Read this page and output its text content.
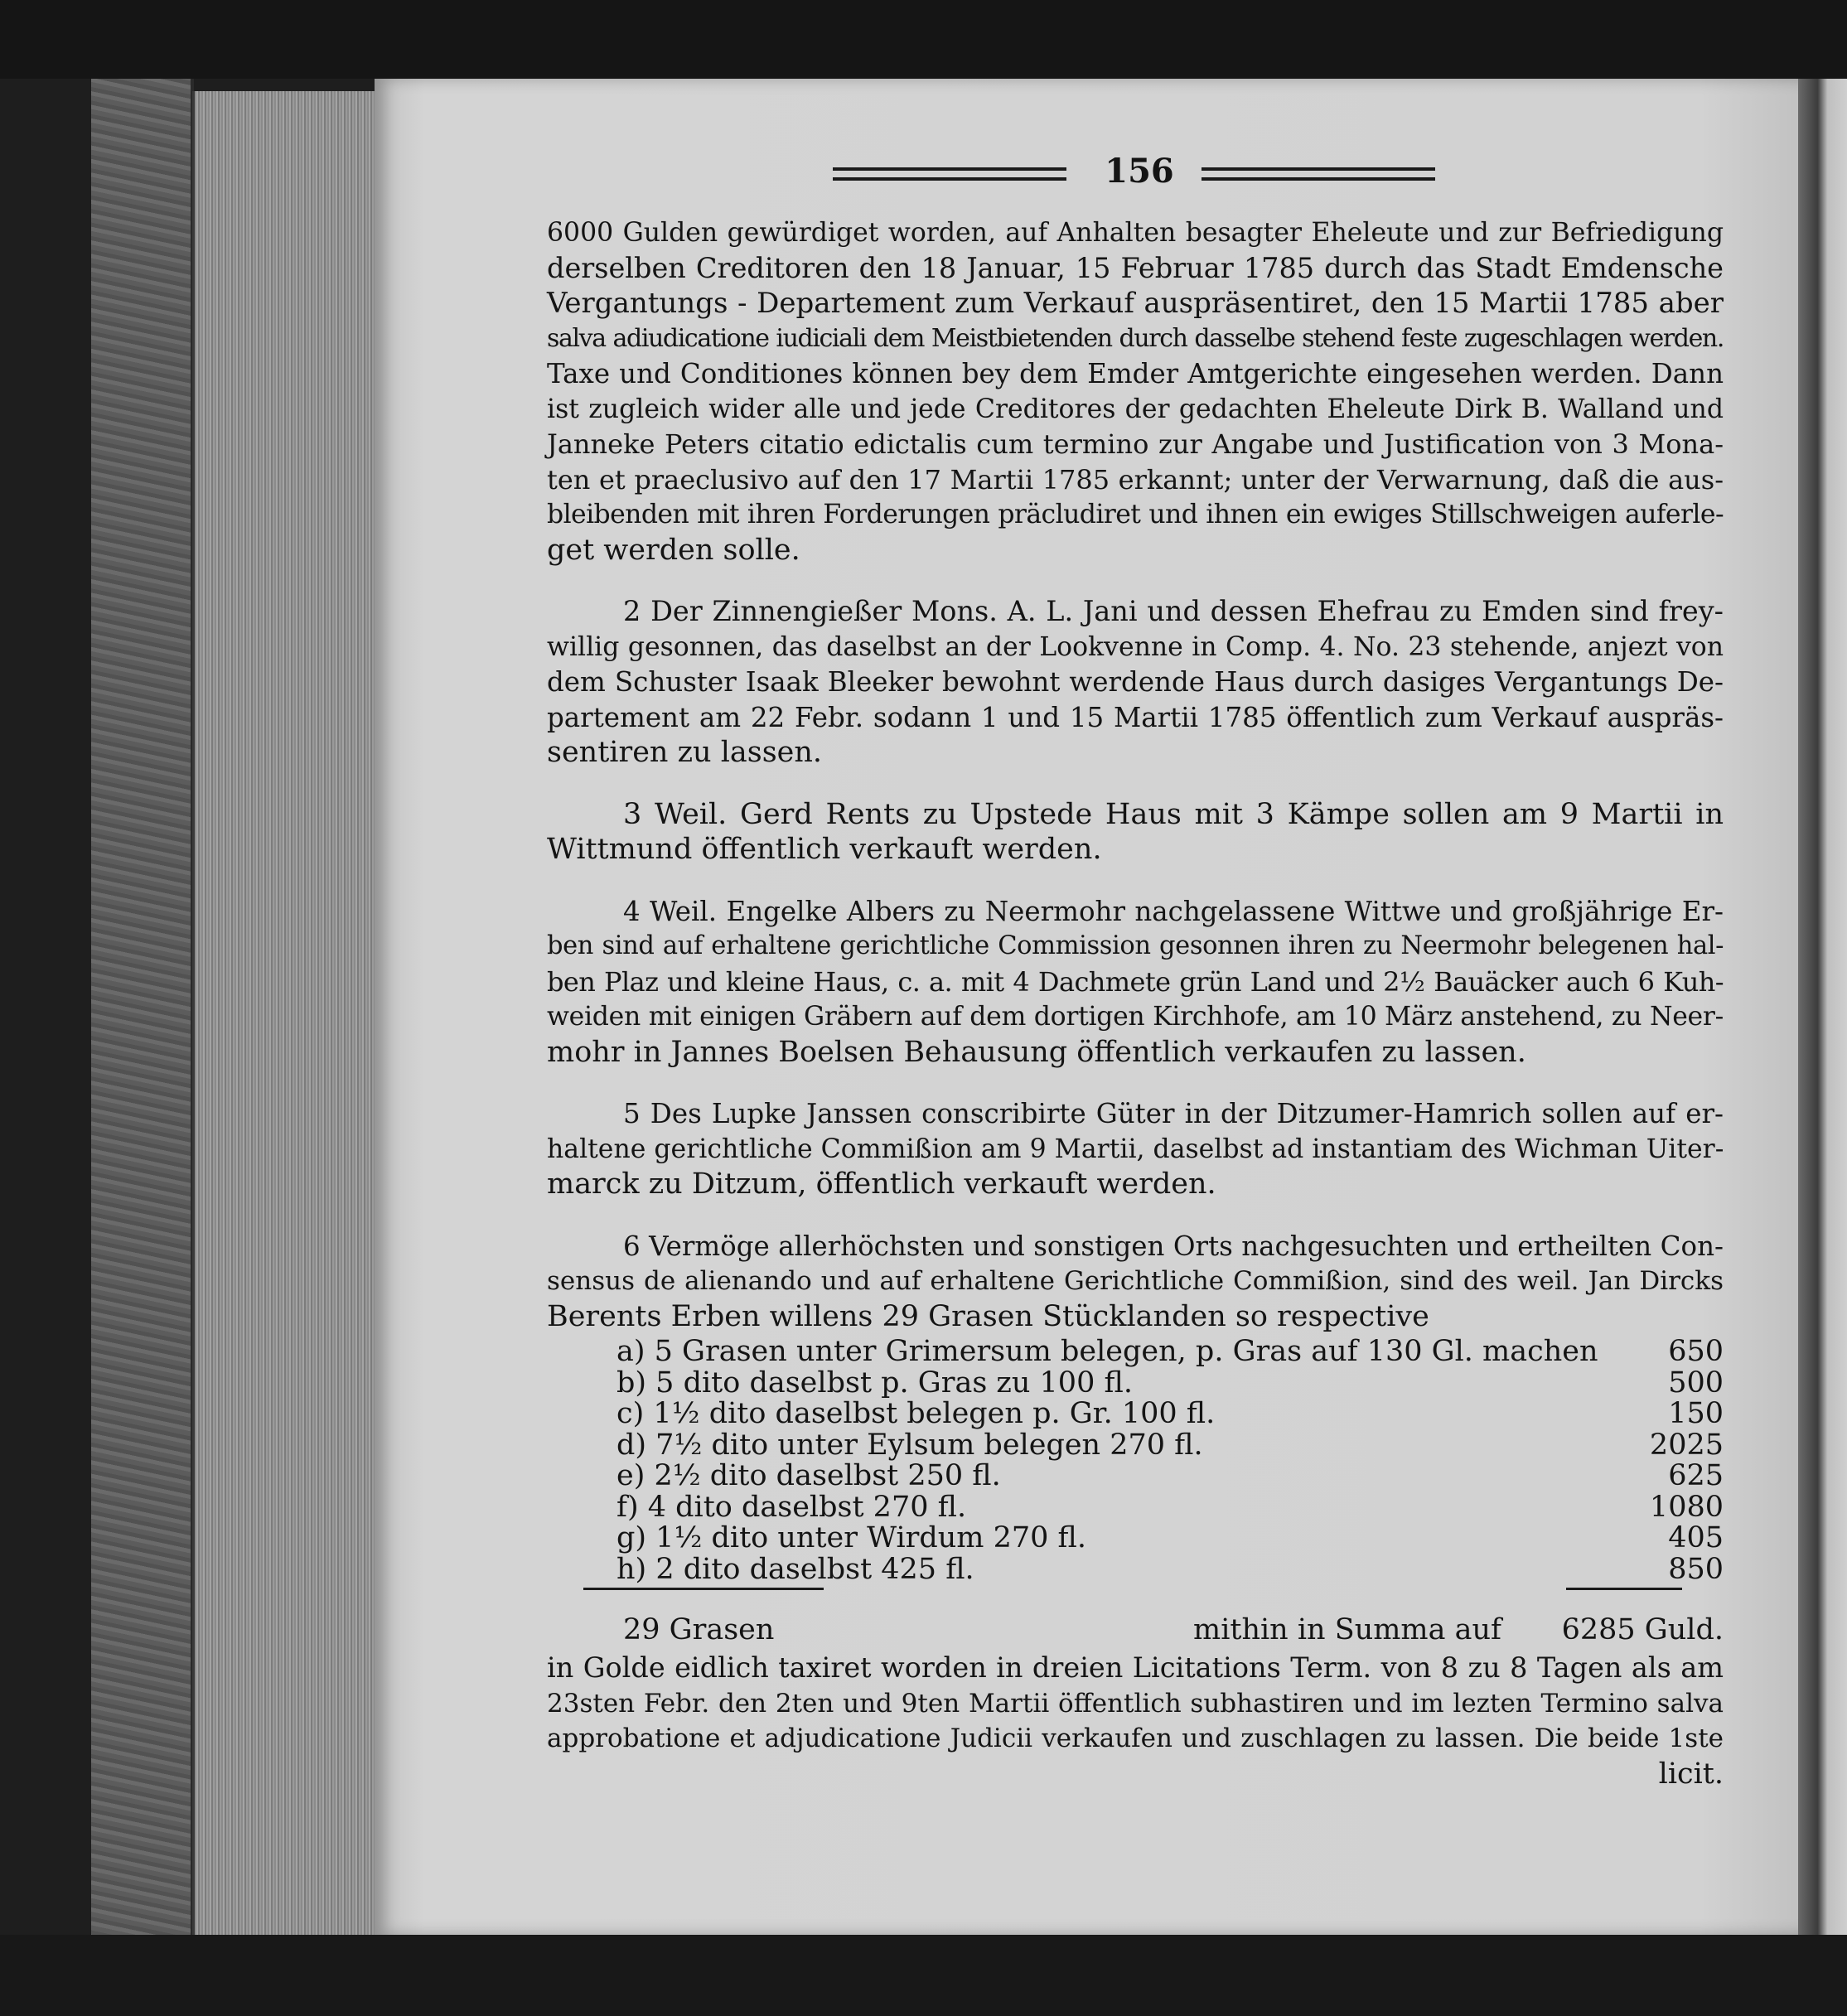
156
6000 Gulden gewürdiget worden, auf Anhalten besagter Eheleute und zur Befriedigung
derselben Creditoren den 18 Januar, 15 Februar 1785 durch das Stadt Emdensche
Vergantungs - Departement zum Verkauf auspräsentiret, den 15 Martii 1785 aber
salva adiudicatione iudiciali dem Meistbietenden durch dasselbe stehend feste zugeschlagen werden.
Taxe und Conditiones können bey dem Emder Amtgerichte eingesehen werden. Dann
ist zugleich wider alle und jede Creditores der gedachten Eheleute Dirk B. Walland und
Janneke Peters citatio edictalis cum termino zur Angabe und Justification von 3 Mona-
ten et praeclusivo auf den 17 Martii 1785 erkannt; unter der Verwarnung, daß die aus-
bleibenden mit ihren Forderungen präcludiret und ihnen ein ewiges Stillschweigen auferle-
get werden solle.
2 Der Zinnengießer Mons. A. L. Jani und dessen Ehefrau zu Emden sind frey-
willig gesonnen, das daselbst an der Lookvenne in Comp. 4. No. 23 stehende, anjezt von
dem Schuster Isaak Bleeker bewohnt werdende Haus durch dasiges Vergantungs De-
partement am 22 Febr. sodann 1 und 15 Martii 1785 öffentlich zum Verkauf auspräs-
sentiren zu lassen.
3 Weil. Gerd Rents zu Upstede Haus mit 3 Kämpe sollen am 9 Martii in
Wittmund öffentlich verkauft werden.
4 Weil. Engelke Albers zu Neermohr nachgelassene Wittwe und großjährige Er-
ben sind auf erhaltene gerichtliche Commission gesonnen ihren zu Neermohr belegenen hal-
ben Plaz und kleine Haus, c. a. mit 4 Dachmete grün Land und 2½ Bauäcker auch 6 Kuh-
weiden mit einigen Gräbern auf dem dortigen Kirchhofe, am 10 März anstehend, zu Neer-
mohr in Jannes Boelsen Behausung öffentlich verkaufen zu lassen.
5 Des Lupke Janssen conscribirte Güter in der Ditzumer-Hamrich sollen auf er-
haltene gerichtliche Commißion am 9 Martii, daselbst ad instantiam des Wichman Uiter-
marck zu Ditzum, öffentlich verkauft werden.
6 Vermöge allerhöchsten und sonstigen Orts nachgesuchten und ertheilten Con-
sensus de alienando und auf erhaltene Gerichtliche Commißion, sind des weil. Jan Dircks
Berents Erben willens 29 Grasen Stücklanden so respective
a) 5 Grasen unter Grimersum belegen, p. Gras auf 130 Gl. machen	650
b) 5 dito daselbst p. Gras zu 100 fl.	500
c) 1½ dito daselbst belegen p. Gr. 100 fl.	150
d) 7½ dito unter Eylsum belegen 270 fl.	2025
e) 2½ dito daselbst 250 fl.	625
f) 4 dito daselbst 270 fl.	1080
g) 1½ dito unter Wirdum 270 fl.	405
h) 2 dito daselbst 425 fl.	850
29 Grasen	mithin in Summa auf 6285 Guld.
in Golde eidlich taxiret worden in dreien Licitations Term. von 8 zu 8 Tagen als am
23sten Febr. den 2ten und 9ten Martii öffentlich subhastiren und im lezten Termino salva
approbatione et adjudicatione Judicii verkaufen und zuschlagen zu lassen. Die beide 1ste
licit.
